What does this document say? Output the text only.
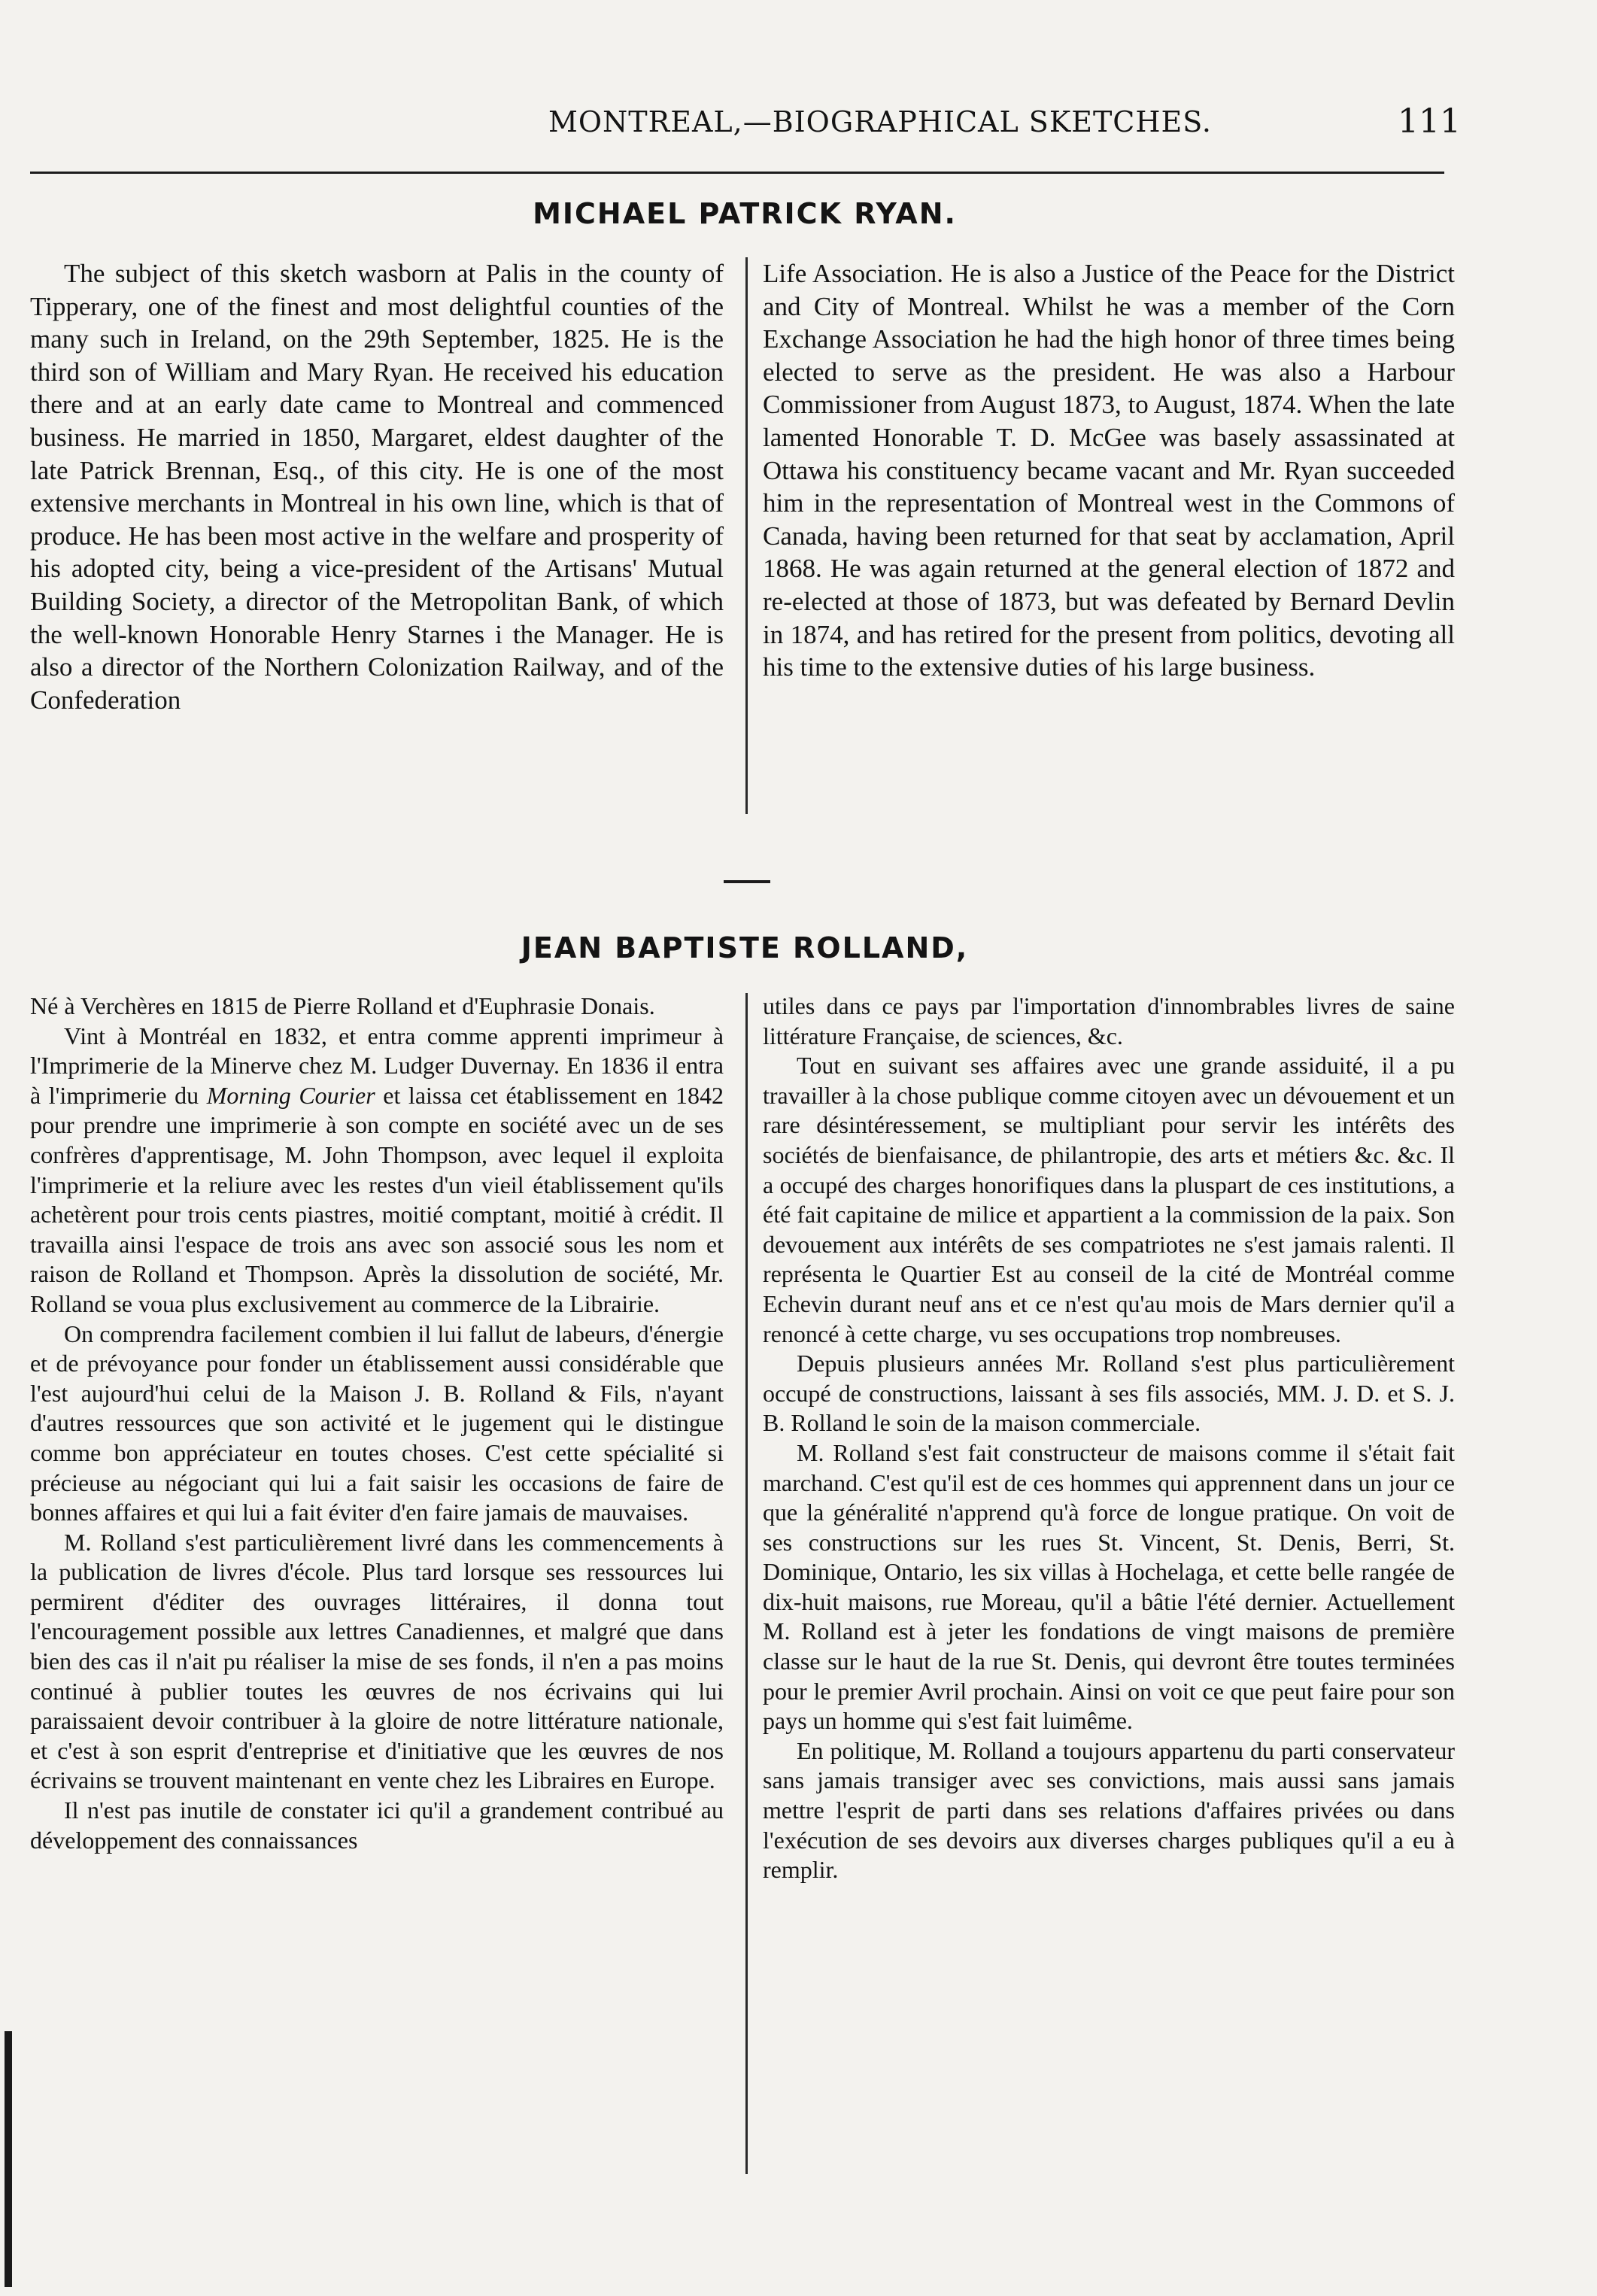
MONTREAL,—BIOGRAPHICAL SKETCHES.	111
MICHAEL PATRICK RYAN.

The subject of this sketch wasborn at Palis in the county of Tipperary, one of the finest and most delightful counties of the many such in Ireland, on the 29th September, 1825. He is the third son of William and Mary Ryan. He received his education there and at an early date came to Montreal and commenced business. He married in 1850, Margaret, eldest daughter of the late Patrick Brennan, Esq., of this city. He is one of the most extensive merchants in Montreal in his own line, which is that of produce. He has been most active in the welfare and prosperity of his adopted city, being a vice-president of the Artisans' Mutual Building Society, a director of the Metropolitan Bank, of which the well-known Honorable Henry Starnes i the Manager. He is also a director of the Northern Colonization Railway, and of the Confederation

Life Association. He is also a Justice of the Peace for the District and City of Montreal. Whilst he was a member of the Corn Exchange Association he had the high honor of three times being elected to serve as the president. He was also a Harbour Commissioner from August 1873, to August, 1874. When the late lamented Honorable T. D. McGee was basely assassinated at Ottawa his constituency became vacant and Mr. Ryan succeeded him in the representation of Montreal west in the Commons of Canada, having been returned for that seat by acclamation, April 1868. He was again returned at the general election of 1872 and re-elected at those of 1873, but was defeated by Bernard Devlin in 1874, and has retired for the present from politics, devoting all his time to the extensive duties of his large business.

JEAN BAPTISTE ROLLAND,

Né à Verchères en 1815 de Pierre Rolland et d'Euphrasie Donais.

Vint à Montréal en 1832, et entra comme apprenti imprimeur à l'Imprimerie de la Minerve chez M. Ludger Duvernay. En 1836 il entra à l'imprimerie du Morning Courier et laissa cet établissement en 1842 pour prendre une imprimerie à son compte en société avec un de ses confrères d'apprentisage, M. John Thompson, avec lequel il exploita l'imprimerie et la reliure avec les restes d'un vieil établissement qu'ils achetèrent pour trois cents piastres, moitié comptant, moitié à crédit. Il travailla ainsi l'espace de trois ans avec son associé sous les nom et raison de Rolland et Thompson. Après la dissolution de société, Mr. Rolland se voua plus exclusivement au commerce de la Librairie.

On comprendra facilement combien il lui fallut de labeurs, d'énergie et de prévoyance pour fonder un établissement aussi considérable que l'est aujourd'hui celui de la Maison J. B. Rolland & Fils, n'ayant d'autres ressources que son activité et le jugement qui le distingue comme bon appréciateur en toutes choses. C'est cette spécialité si précieuse au négociant qui lui a fait saisir les occasions de faire de bonnes affaires et qui lui a fait éviter d'en faire jamais de mauvaises.

M. Rolland s'est particulièrement livré dans les commencements à la publication de livres d'école. Plus tard lorsque ses ressources lui permirent d'éditer des ouvrages littéraires, il donna tout l'encouragement possible aux lettres Canadiennes, et malgré que dans bien des cas il n'ait pu réaliser la mise de ses fonds, il n'en a pas moins continué à publier toutes les œuvres de nos écrivains qui lui paraissaient devoir contribuer à la gloire de notre littérature nationale, et c'est à son esprit d'entreprise et d'initiative que les œuvres de nos écrivains se trouvent maintenant en vente chez les Libraires en Europe.

Il n'est pas inutile de constater ici qu'il a grandement contribué au développement des connaissances

utiles dans ce pays par l'importation d'innombrables livres de saine littérature Française, de sciences, &c.

Tout en suivant ses affaires avec une grande assiduité, il a pu travailler à la chose publique comme citoyen avec un dévouement et un rare désintéressement, se multipliant pour servir les intérêts des sociétés de bienfaisance, de philantropie, des arts et métiers &c. &c. Il a occupé des charges honorifiques dans la pluspart de ces institutions, a été fait capitaine de milice et appartient a la commission de la paix. Son devouement aux intérêts de ses compatriotes ne s'est jamais ralenti. Il représenta le Quartier Est au conseil de la cité de Montréal comme Echevin durant neuf ans et ce n'est qu'au mois de Mars dernier qu'il a renoncé à cette charge, vu ses occupations trop nombreuses.

Depuis plusieurs années Mr. Rolland s'est plus particulièrement occupé de constructions, laissant à ses fils associés, MM. J. D. et S. J. B. Rolland le soin de la maison commerciale.

M. Rolland s'est fait constructeur de maisons comme il s'était fait marchand. C'est qu'il est de ces hommes qui apprennent dans un jour ce que la généralité n'apprend qu'à force de longue pratique. On voit de ses constructions sur les rues St. Vincent, St. Denis, Berri, St. Dominique, Ontario, les six villas à Hochelaga, et cette belle rangée de dix-huit maisons, rue Moreau, qu'il a bâtie l'été dernier. Actuellement M. Rolland est à jeter les fondations de vingt maisons de première classe sur le haut de la rue St. Denis, qui devront être toutes terminées pour le premier Avril prochain. Ainsi on voit ce que peut faire pour son pays un homme qui s'est fait luimême.

En politique, M. Rolland a toujours appartenu du parti conservateur sans jamais transiger avec ses convictions, mais aussi sans jamais mettre l'esprit de parti dans ses relations d'affaires privées ou dans l'exécution de ses devoirs aux diverses charges publiques qu'il a eu à remplir.
